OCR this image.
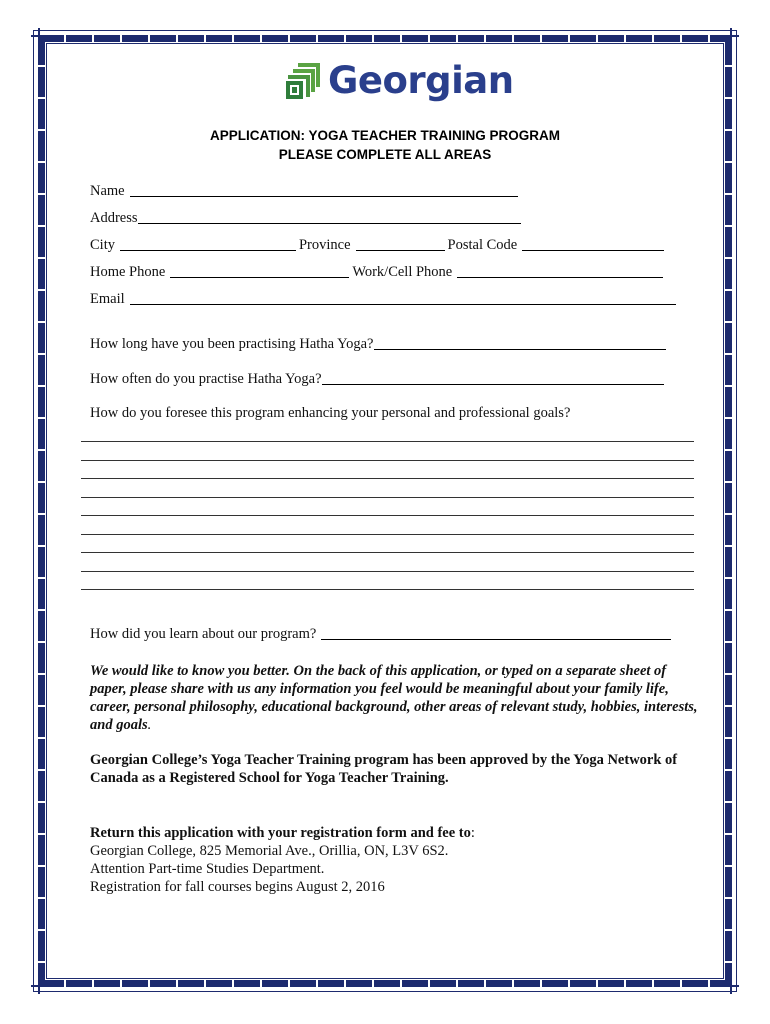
Georgian
APPLICATION: YOGA TEACHER TRAINING PROGRAM
PLEASE COMPLETE ALL AREAS
Name
Address
City	Province	Postal Code
Home Phone	Work/Cell Phone
Email
How long have you been practising Hatha Yoga?
How often do you practise Hatha Yoga?
How do you foresee this program enhancing your personal and professional goals?
How did you learn about our program?
We would like to know you better. On the back of this application, or typed on a separate sheet of paper, please share with us any information you feel would be meaningful about your family life, career, personal philosophy, educational background, other areas of relevant study, hobbies, interests, and goals.
Georgian College’s Yoga Teacher Training program has been approved by the Yoga Network of Canada as a Registered School for Yoga Teacher Training.
Return this application with your registration form and fee to:
Georgian College, 825 Memorial Ave., Orillia, ON, L3V 6S2.
Attention Part-time Studies Department.
Registration for fall courses begins August 2, 2016
